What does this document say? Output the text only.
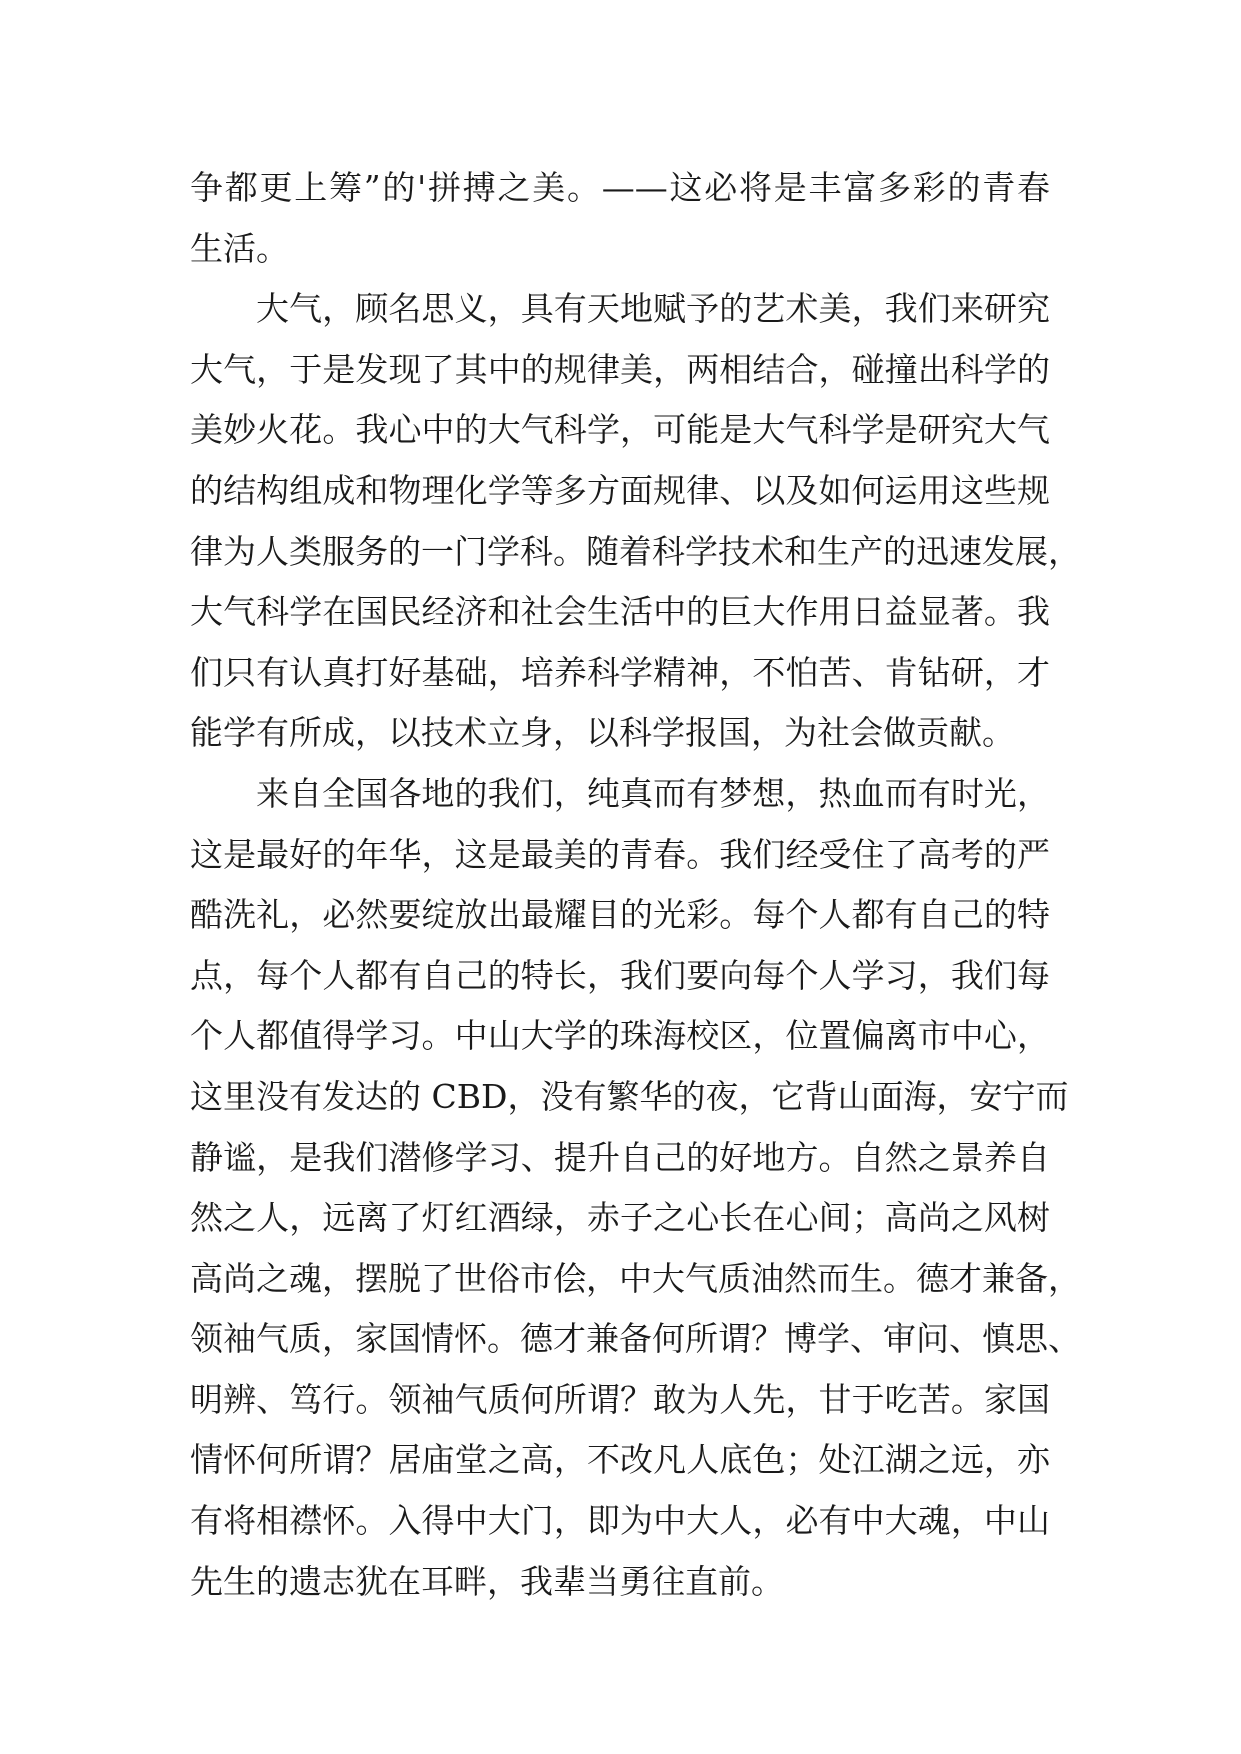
争都更上筹”的'拼搏之美。——这必将是丰富多彩的青春
生活。
大气，顾名思义，具有天地赋予的艺术美，我们来研究
大气，于是发现了其中的规律美，两相结合，碰撞出科学的
美妙火花。我心中的大气科学，可能是大气科学是研究大气
的结构组成和物理化学等多方面规律、以及如何运用这些规
律为人类服务的一门学科。随着科学技术和生产的迅速发展，
大气科学在国民经济和社会生活中的巨大作用日益显著。我
们只有认真打好基础，培养科学精神，不怕苦、肯钻研，才
能学有所成，以技术立身，以科学报国，为社会做贡献。
来自全国各地的我们，纯真而有梦想，热血而有时光，
这是最好的年华，这是最美的青春。我们经受住了高考的严
酷洗礼，必然要绽放出最耀目的光彩。每个人都有自己的特
点，每个人都有自己的特长，我们要向每个人学习，我们每
个人都值得学习。中山大学的珠海校区，位置偏离市中心，
这里没有发达的 CBD，没有繁华的夜，它背山面海，安宁而
静谧，是我们潜修学习、提升自己的好地方。自然之景养自
然之人，远离了灯红酒绿，赤子之心长在心间；高尚之风树
高尚之魂，摆脱了世俗市侩，中大气质油然而生。德才兼备，
领袖气质，家国情怀。德才兼备何所谓？博学、审问、慎思、
明辨、笃行。领袖气质何所谓？敢为人先，甘于吃苦。家国
情怀何所谓？居庙堂之高，不改凡人底色；处江湖之远，亦
有将相襟怀。入得中大门，即为中大人，必有中大魂，中山
先生的遗志犹在耳畔，我辈当勇往直前。
